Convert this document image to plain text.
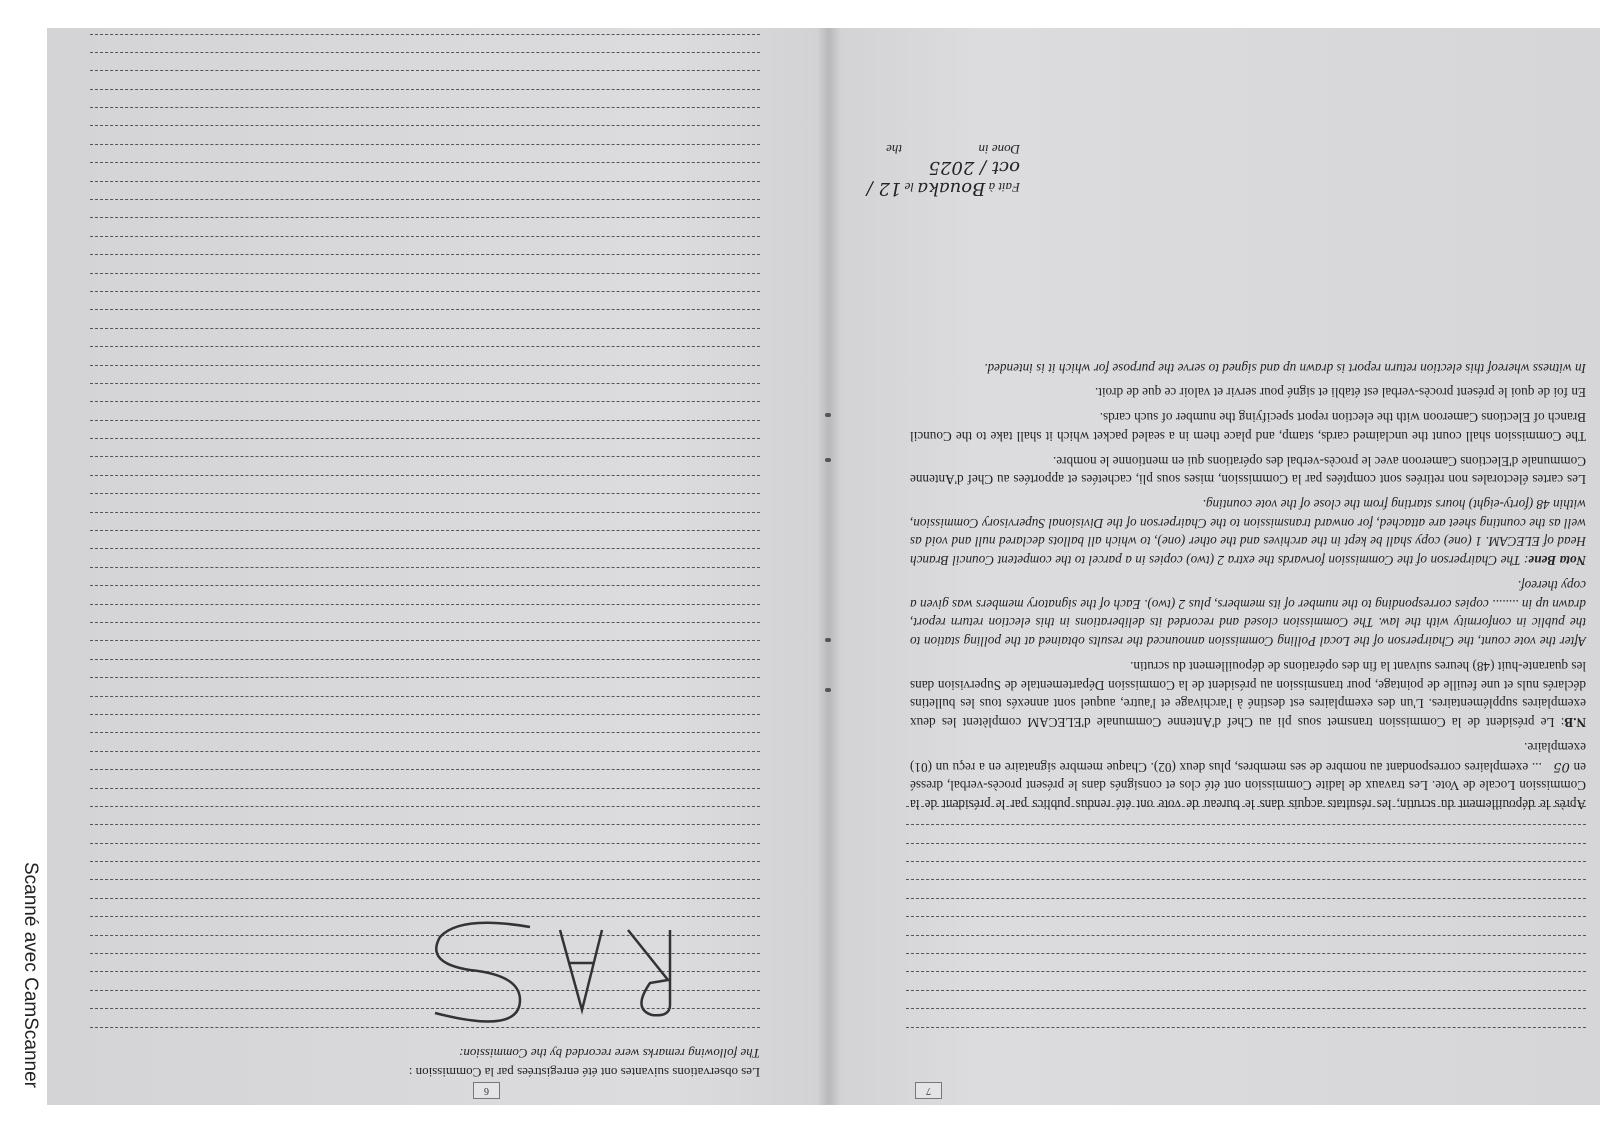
Scanné avec CamScanner
7

Après le dépouillement du scrutin, les résultats acquis dans le bureau de vote ont été rendus publics par le président de la Commission Locale de Vote. Les travaux de ladite Commission ont été clos et consignés dans le présent procès-verbal, dressé en 05... exemplaires correspondant au nombre de ses membres, plus deux (02). Chaque membre signataire en a reçu un (01) exemplaire.

N.B: Le président de la Commission transmet sous pli au Chef d'Antenne Communale d'ELECAM complètent les deux exemplaires supplémentaires. L'un des exemplaires est destiné à l'archivage et l'autre, auquel sont annexés tous les bulletins déclarés nuls et une feuille de pointage, pour transmission au président de la Commission Départementale de Supervision dans les quarante-huit (48) heures suivant la fin des opérations de dépouillement du scrutin.

After the vote count, the Chairperson of the Local Polling Commission announced the results obtained at the polling station to the public in conformity with the law. The Commission closed and recorded its deliberations in this election return report, drawn up in ........ copies corresponding to the number of its members, plus 2 (two). Each of the signatory members was given a copy thereof.

Nota Bene: The Chairperson of the Commission forwards the extra 2 (two) copies in a parcel to the competent Council Branch Head of ELECAM. 1 (one) copy shall be kept in the archives and the other (one), to which all ballots declared null and void as well as the counting sheet are attached, for onward transmission to the Chairperson of the Divisional Supervisory Commission, within 48 (forty-eight) hours starting from the close of the vote counting.

Les cartes électorales non retirées sont comptées par la Commission, mises sous pli, cachetées et apportées au Chef d'Antenne Communale d'Elections Cameroon avec le procès-verbal des opérations qui en mentionne le nombre.

The Commission shall count the unclaimed cards, stamp, and place them in a sealed packet which it shall take to the Council Branch of Elections Cameroon with the election report specifying the number of such cards.

En foi de quoi le présent procès-verbal est établi et signé pour servir et valoir ce que de droit.

In witness whereof this election return report is drawn up and signed to serve the purpose for which it is intended.

Fait à Bouaka le 12 / oct / 2025
Done in  the
6
Les observations suivantes ont été enregistrées par la Commission :
The following remarks were recorded by the Commission:
